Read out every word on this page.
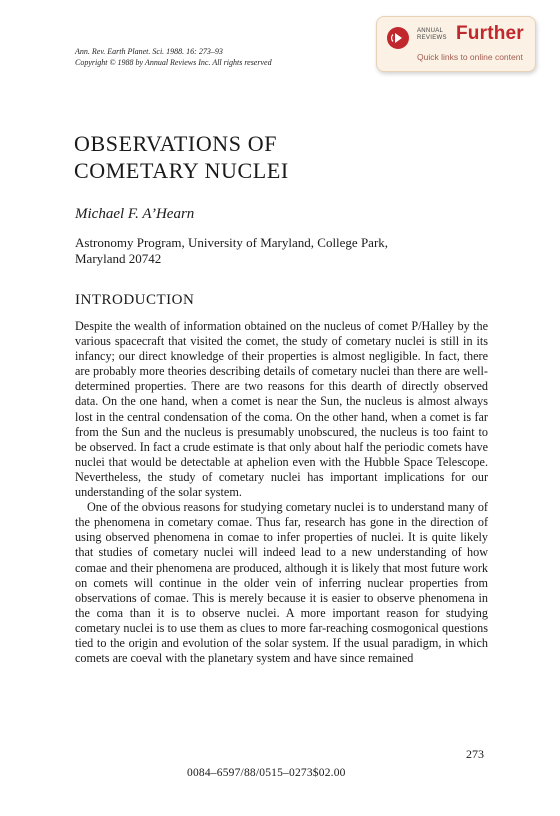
Ann. Rev. Earth Planet. Sci. 1988. 16: 273–93
Copyright © 1988 by Annual Reviews Inc. All rights reserved
ANNUAL
REVIEWS Further
Quick links to online content
OBSERVATIONS OF
COMETARY NUCLEI
Michael F. A’Hearn
Astronomy Program, University of Maryland, College Park,
Maryland 20742
INTRODUCTION

Despite the wealth of information obtained on the nucleus of comet P/Halley by the various spacecraft that visited the comet, the study of cometary nuclei is still in its infancy; our direct knowledge of their properties is almost negligible. In fact, there are probably more theories describing details of cometary nuclei than there are well-determined properties. There are two reasons for this dearth of directly observed data. On the one hand, when a comet is near the Sun, the nucleus is almost always lost in the central condensation of the coma. On the other hand, when a comet is far from the Sun and the nucleus is presumably unobscured, the nucleus is too faint to be observed. In fact a crude estimate is that only about half the periodic comets have nuclei that would be detectable at aphelion even with the Hubble Space Telescope. Nevertheless, the study of cometary nuclei has important implications for our understanding of the solar system.

One of the obvious reasons for studying cometary nuclei is to understand many of the phenomena in cometary comae. Thus far, research has gone in the direction of using observed phenomena in comae to infer properties of nuclei. It is quite likely that studies of cometary nuclei will indeed lead to a new understanding of how comae and their phenomena are produced, although it is likely that most future work on comets will continue in the older vein of inferring nuclear properties from observations of comae. This is merely because it is easier to observe phenomena in the coma than it is to observe nuclei. A more important reason for studying cometary nuclei is to use them as clues to more far-reaching cosmogonical questions tied to the origin and evolution of the solar system. If the usual paradigm, in which comets are coeval with the planetary system and have since remained

273
0084–6597/88/0515–0273$02.00
